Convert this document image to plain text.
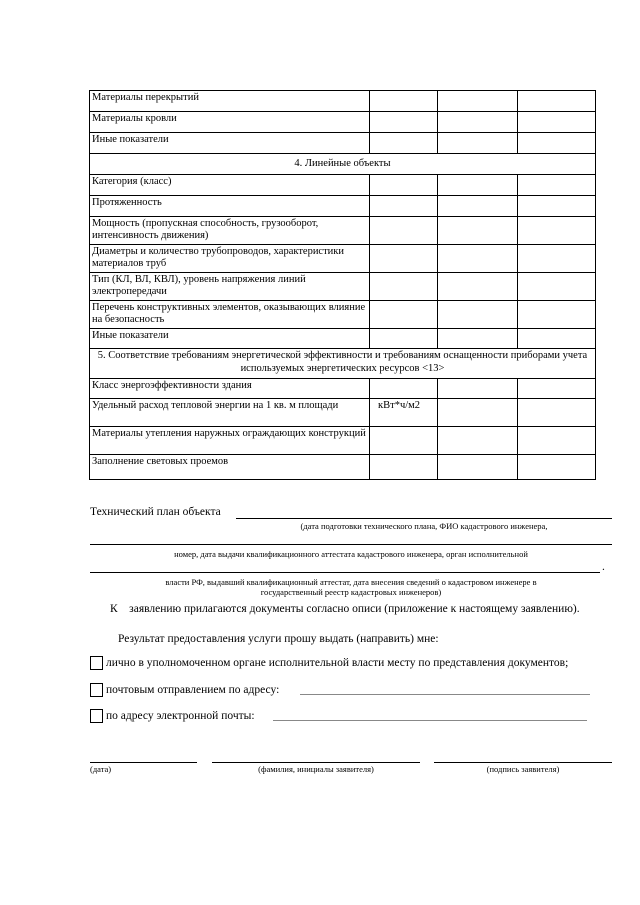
Материалы перекрытий			
Материалы кровли			
Иные показатели			
4. Линейные объекты			
Категория (класс)			
Протяженность			
Мощность (пропускная способность, грузооборот, интенсивность движения)			
Диаметры и количество трубопроводов, характеристики материалов труб			
Тип (КЛ, ВЛ, КВЛ), уровень напряжения линий электропередачи			
Перечень конструктивных элементов, оказывающих влияние на безопасность			
Иные показатели			
5. Соответствие требованиям энергетической эффективности и требованиям оснащенности приборами учета используемых энергетических ресурсов <13>			
Класс энергоэффективности здания			
Удельный расход тепловой энергии на 1 кв. м площади	кВт*ч/м2		
Материалы утепления наружных ограждающих конструкций			
Заполнение световых проемов			
Технический план объекта
(дата подготовки технического плана, ФИО кадастрового инженера,
номер, дата выдачи квалификационного аттестата кадастрового инженера, орган исполнительной
.
власти РФ, выдавший квалификационный аттестат, дата внесения сведений о кадастровом инженере в
государственный реестр кадастровых инженеров)
К заявлению прилагаются документы согласно описи (приложение к настоящему заявлению).
Результат предоставления услуги прошу выдать (направить) мне:
лично в уполномоченном органе исполнительной власти месту по представления документов;
почтовым отправлением по адресу:
по адресу электронной почты:
(дата)	(фамилия, инициалы заявителя)	(подпись заявителя)
